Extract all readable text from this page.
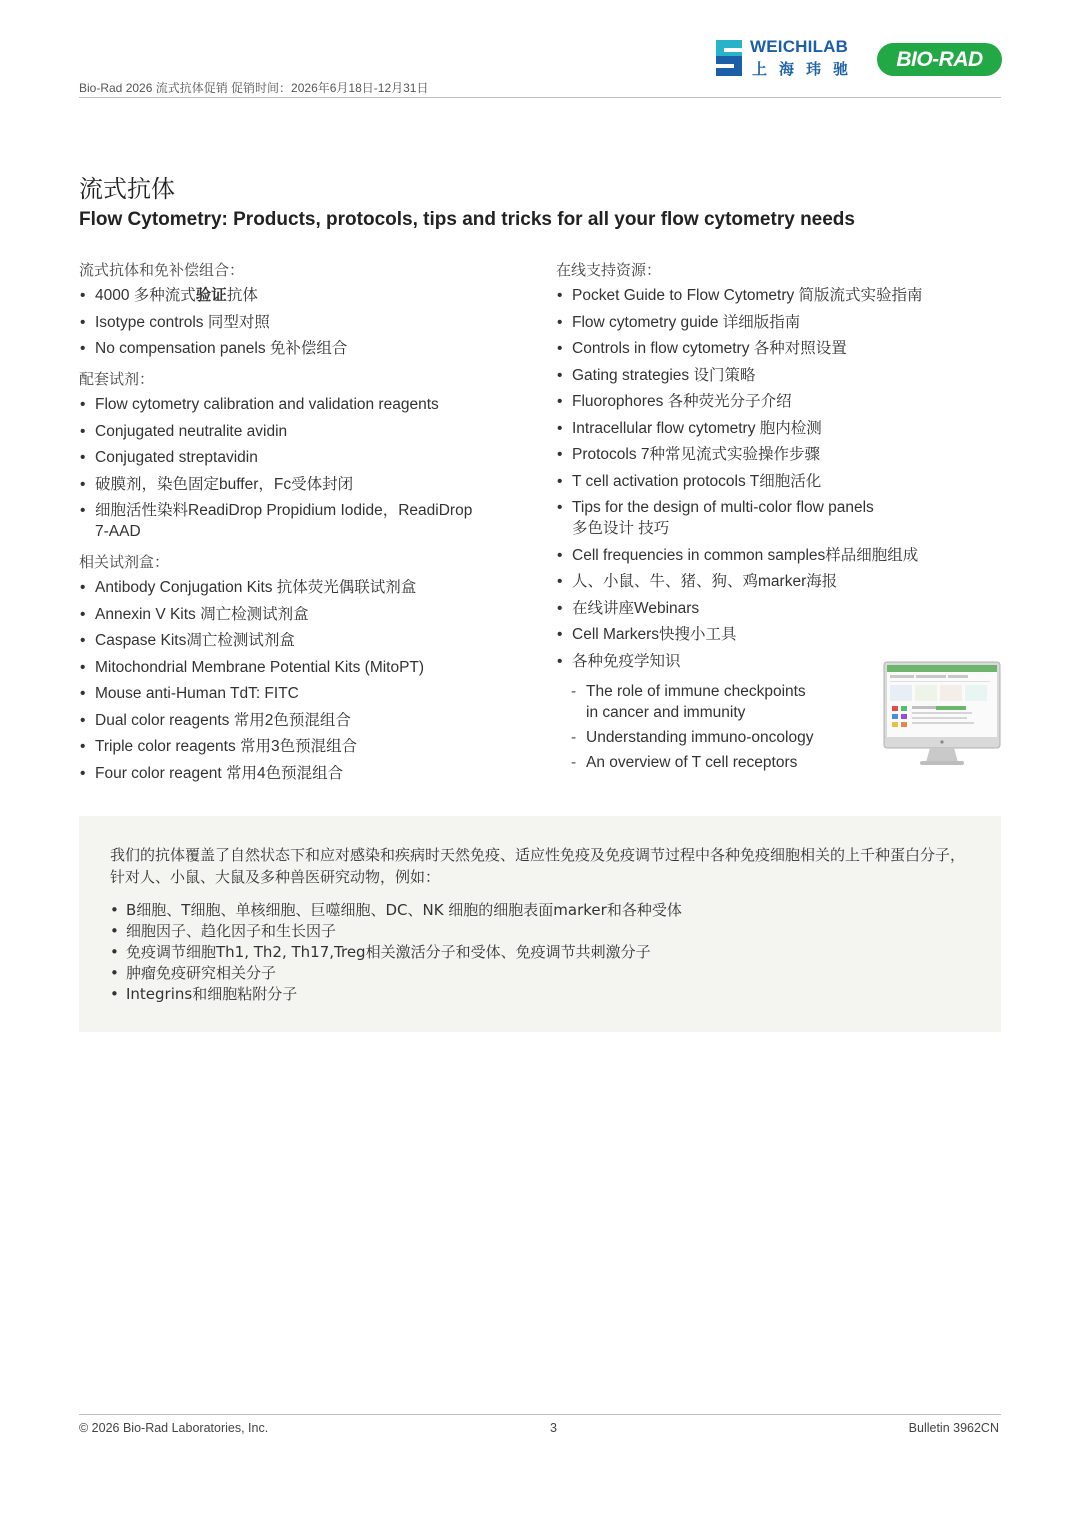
Bio-Rad 2026 流式抗体促销 促销时间：2026年6月18日-12月31日
WEICHILAB
上海玮驰	BIO-RAD
流式抗体
Flow Cytometry: Products, protocols, tips and tricks for all your flow cytometry needs
流式抗体和免补偿组合：
• 4000 多种流式验证抗体
• Isotype controls 同型对照
• No compensation panels 免补偿组合
配套试剂：
• Flow cytometry calibration and validation reagents
• Conjugated neutralite avidin
• Conjugated streptavidin
• 破膜剂，染色固定buffer，Fc受体封闭
• 细胞活性染料ReadiDrop Propidium Iodide，ReadiDrop
7-AAD
相关试剂盒：
• Antibody Conjugation Kits 抗体荧光偶联试剂盒
• Annexin V Kits 凋亡检测试剂盒
• Caspase Kits凋亡检测试剂盒
• Mitochondrial Membrane Potential Kits (MitoPT)
• Mouse anti-Human TdT: FITC
• Dual color reagents 常用2色预混组合
• Triple color reagents 常用3色预混组合
• Four color reagent 常用4色预混组合
在线支持资源：
• Pocket Guide to Flow Cytometry 简版流式实验指南
• Flow cytometry guide 详细版指南
• Controls in flow cytometry 各种对照设置
• Gating strategies 设门策略
• Fluorophores 各种荧光分子介绍
• Intracellular flow cytometry 胞内检测
• Protocols 7种常见流式实验操作步骤
• T cell activation protocols T细胞活化
• Tips for the design of multi-color flow panels
多色设计 技巧
• Cell frequencies in common samples样品细胞组成
• 人、小鼠、牛、猪、狗、鸡marker海报
• 在线讲座Webinars
• Cell Markers快搜小工具
• 各种免疫学知识
- The role of immune checkpoints
in cancer and immunity
- Understanding immuno-oncology
- An overview of T cell receptors
我们的抗体覆盖了自然状态下和应对感染和疾病时天然免疫、适应性免疫及免疫调节过程中各种免疫细胞相关的上千种蛋白分子，针对人、小鼠、大鼠及多种兽医研究动物，例如：
• B细胞、T细胞、单核细胞、巨噬细胞、DC、NK 细胞的细胞表面marker和各种受体
• 细胞因子、趋化因子和生长因子
• 免疫调节细胞Th1, Th2, Th17,Treg相关激活分子和受体、免疫调节共刺激分子
• 肿瘤免疫研究相关分子
• Integrins和细胞粘附分子
© 2026 Bio-Rad Laboratories, Inc.	3	Bulletin 3962CN
